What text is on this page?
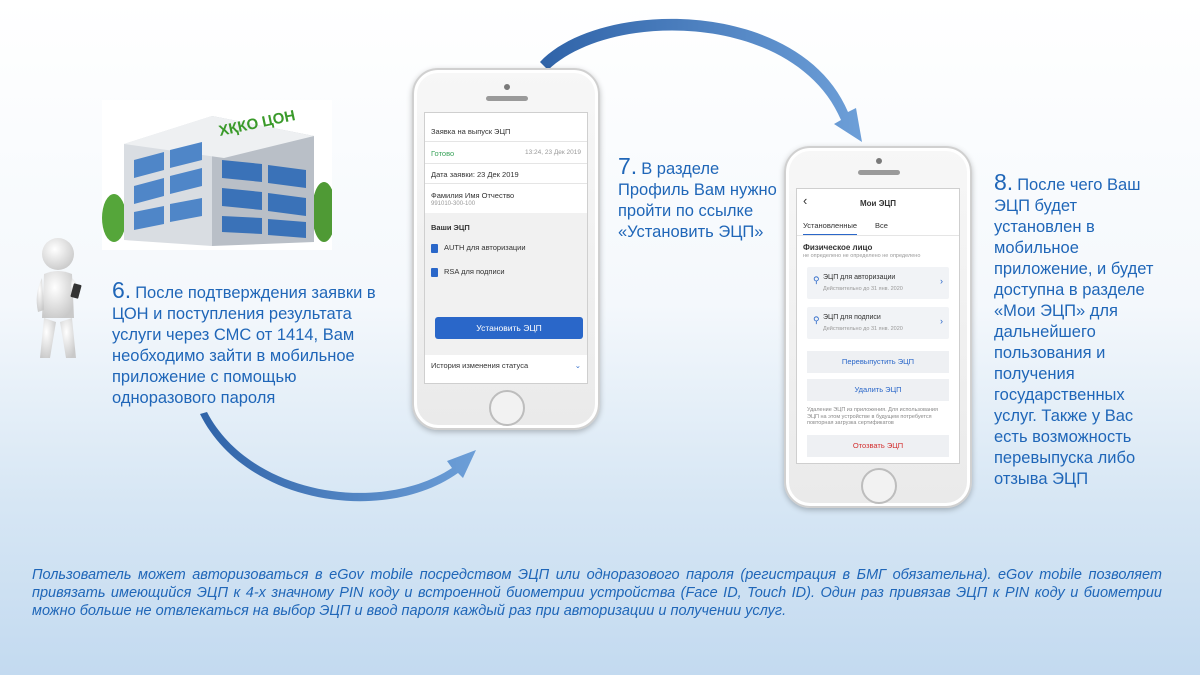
ХҚКО ЦОН
6. После подтверждения заявки в ЦОН и поступления результата услуги через СМС от 1414, Вам необходимо зайти в мобильное приложение с помощью одноразового пароля
7. В разделе Профиль Вам нужно пройти по ссылке «Установить ЭЦП»
8. После чего Ваш ЭЦП будет установлен в мобильное приложение, и будет доступна в разделе «Мои ЭЦП» для дальнейшего пользования и получения государственных услуг. Также у Вас есть возможность перевыпуска либо отзыва ЭЦП
Заявка на выпуск ЭЦП
Готово	13:24, 23 Дек 2019
Дата заявки: 23 Дек 2019
Фамилия Имя Отчество
991010-300-100
Ваши ЭЦП
AUTH для авторизации
RSA для подписи
Установить ЭЦП
История изменения статуса	⌄
‹	Мои ЭЦП
Установленные Все
Физическое лицо
не определено не определено не определено
⚲ ЭЦП для авторизации
Действительно до 31 янв. 2020
›
⚲ ЭЦП для подписи
Действительно до 31 янв. 2020
›
Перевыпустить ЭЦП
Удалить ЭЦП
Удаление ЭЦП из приложения. Для использования ЭЦП на этом устройстве в будущем потребуется повторная загрузка сертификатов
Отозвать ЭЦП
Пользователь может авторизоваться в eGov mobile посредством ЭЦП или одноразового пароля (регистрация в БМГ обязательна). eGov mobile позволяет привязать имеющийся ЭЦП к 4-х значному PIN коду и встроенной биометрии устройства (Face ID, Touch ID). Один раз привязав ЭЦП к PIN коду и биометрии можно больше не отвлекаться на выбор ЭЦП и ввод пароля каждый раз при авторизации и получении услуг.
